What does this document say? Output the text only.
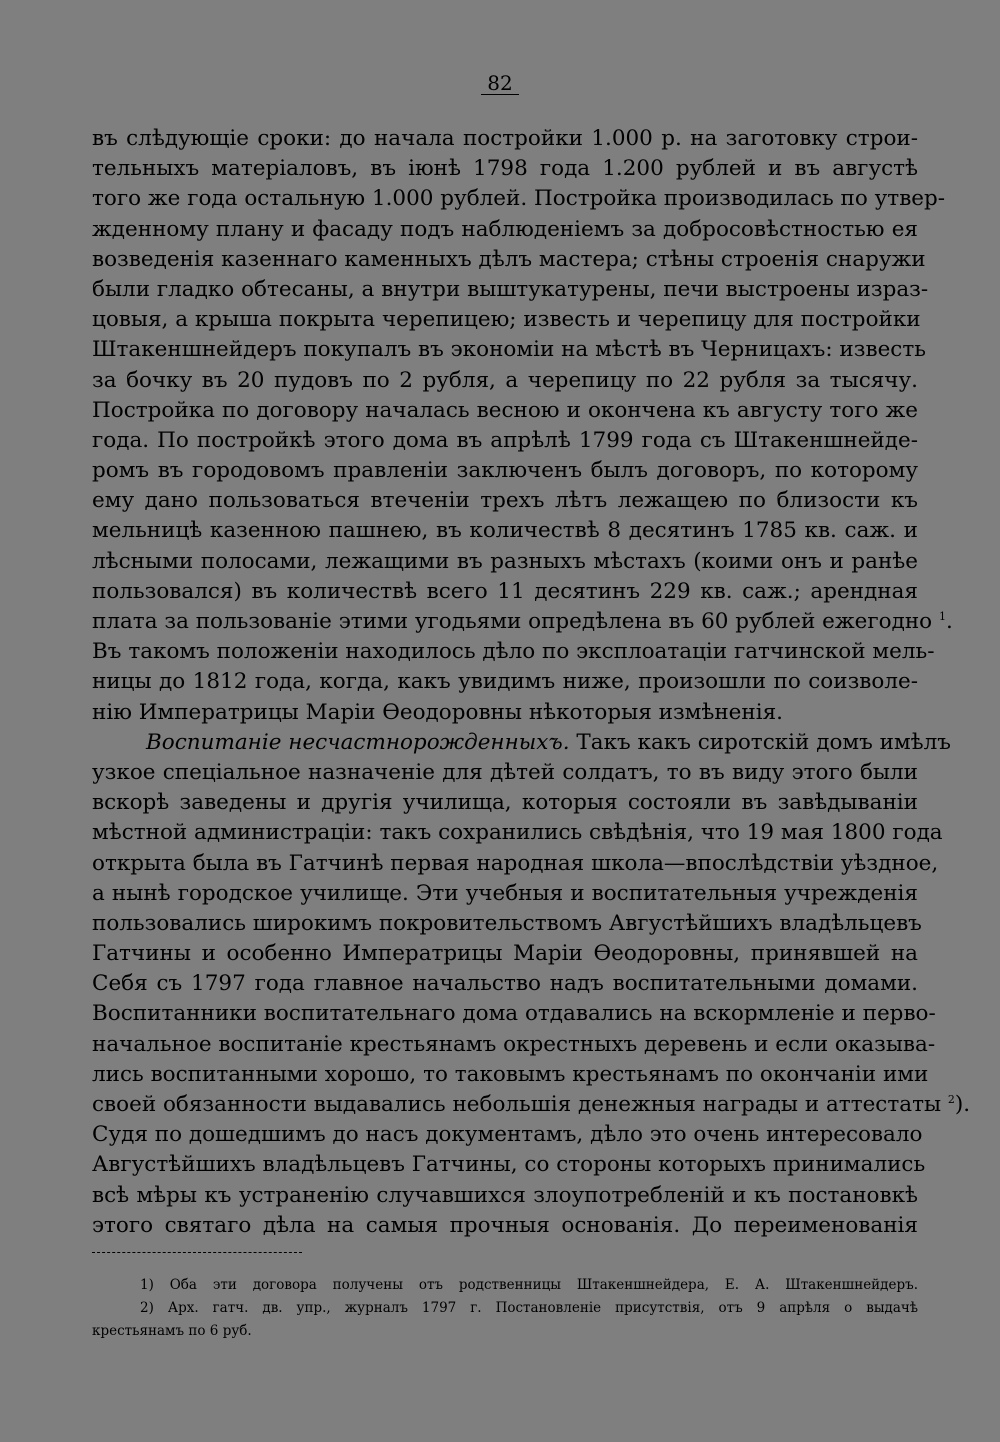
82
въ слѣдующіе сроки: до начала постройки 1.000 р. на заготовку строи-
тельныхъ матеріаловъ, въ іюнѣ 1798 года 1.200 рублей и въ августѣ
того же года остальную 1.000 рублей. Постройка производилась по утвер-
жденному плану и фасаду подъ наблюденіемъ за добросовѣстностью ея
возведенія казеннаго каменныхъ дѣлъ мастера; стѣны строенія снаружи
были гладко обтесаны, а внутри выштукатурены, печи выстроены израз-
цовыя, а крыша покрыта черепицею; известь и черепицу для постройки
Штакеншнейдеръ покупалъ въ экономіи на мѣстѣ въ Черницахъ: известь
за бочку въ 20 пудовъ по 2 рубля, а черепицу по 22 рубля за тысячу.
Постройка по договору началась весною и окончена къ августу того же
года. По постройкѣ этого дома въ апрѣлѣ 1799 года съ Штакеншнейде-
ромъ въ городовомъ правленіи заключенъ былъ договоръ, по которому
ему дано пользоваться втеченіи трехъ лѣтъ лежащею по близости къ
мельницѣ казенною пашнею, въ количествѣ 8 десятинъ 1785 кв. саж. и
лѣсными полосами, лежащими въ разныхъ мѣстахъ (коими онъ и ранѣе
пользовался) въ количествѣ всего 11 десятинъ 229 кв. саж.; арендная
плата за пользованіе этими угодьями опредѣлена въ 60 рублей ежегодно $^1$.
Въ такомъ положеніи находилось дѣло по эксплоатаціи гатчинской мель-
ницы до 1812 года, когда, какъ увидимъ ниже, произошли по соизволе-
нію Императрицы Маріи Ѳеодоровны нѣкоторыя измѣненія.
Воспитаніе несчастнорожденныхъ. Такъ какъ сиротскій домъ имѣлъ
узкое спеціальное назначеніе для дѣтей солдатъ, то въ виду этого были
вскорѣ заведены и другія училища, которыя состояли въ завѣдываніи
мѣстной администраціи: такъ сохранились свѣдѣнія, что 19 мая 1800 года
открыта была въ Гатчинѣ первая народная школа—впослѣдствіи уѣздное,
а нынѣ городское училище. Эти учебныя и воспитательныя учрежденія
пользовались широкимъ покровительствомъ Августѣйшихъ владѣльцевъ
Гатчины и особенно Императрицы Маріи Ѳеодоровны, принявшей на
Себя съ 1797 года главное начальство надъ воспитательными домами.
Воспитанники воспитательнаго дома отдавались на вскормленіе и перво-
начальное воспитаніе крестьянамъ окрестныхъ деревень и если оказыва-
лись воспитанными хорошо, то таковымъ крестьянамъ по окончаніи ими
своей обязанности выдавались небольшія денежныя награды и аттестаты $^2$).
Судя по дошедшимъ до насъ документамъ, дѣло это очень интересовало
Августѣйшихъ владѣльцевъ Гатчины, со стороны которыхъ принимались
всѣ мѣры къ устраненію случавшихся злоупотребленій и къ постановкѣ
этого святаго дѣла на самыя прочныя основанія. До переименованія
1) Оба эти договора получены отъ родственницы Штакеншнейдера, Е. А. Штакеншнейдеръ.
2) Арх. гатч. дв. упр., журналъ 1797 г. Постановленіе присутствія, отъ 9 апрѣля о выдачѣ
крестьянамъ по 6 руб.
